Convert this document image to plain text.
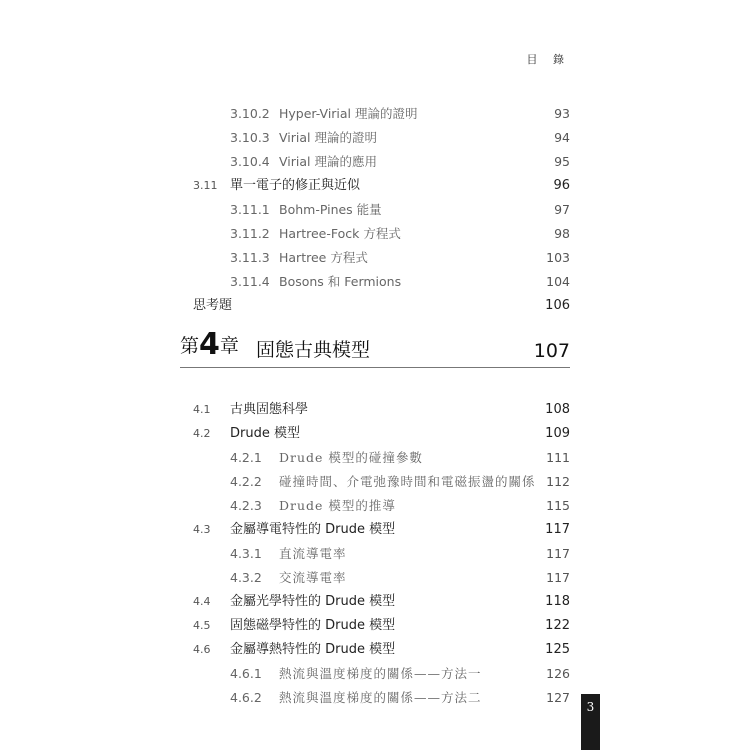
目 錄
3.10.2 Hyper-Virial 理論的證明	93
3.10.3 Virial 理論的證明	94
3.10.4 Virial 理論的應用	95
3.11 單一電子的修正與近似	96
3.11.1 Bohm-Pines 能量	97
3.11.2 Hartree-Fock 方程式	98
3.11.3 Hartree 方程式	103
3.11.4 Bosons 和 Fermions	104
思考題	106
第4章 固態古典模型	107
4.1 古典固態科學	108
4.2 Drude 模型	109
4.2.1 Drude 模型的碰撞參數	111
4.2.2 碰撞時間、介電弛豫時間和電磁振盪的關係 112
4.2.3 Drude 模型的推導	115
4.3 金屬導電特性的 Drude 模型	117
4.3.1 直流導電率	117
4.3.2 交流導電率	117
4.4 金屬光學特性的 Drude 模型	118
4.5 固態磁學特性的 Drude 模型	122
4.6 金屬導熱特性的 Drude 模型	125
4.6.1 熱流與溫度梯度的關係——方法一	126
4.6.2 熱流與溫度梯度的關係——方法二	127
3
